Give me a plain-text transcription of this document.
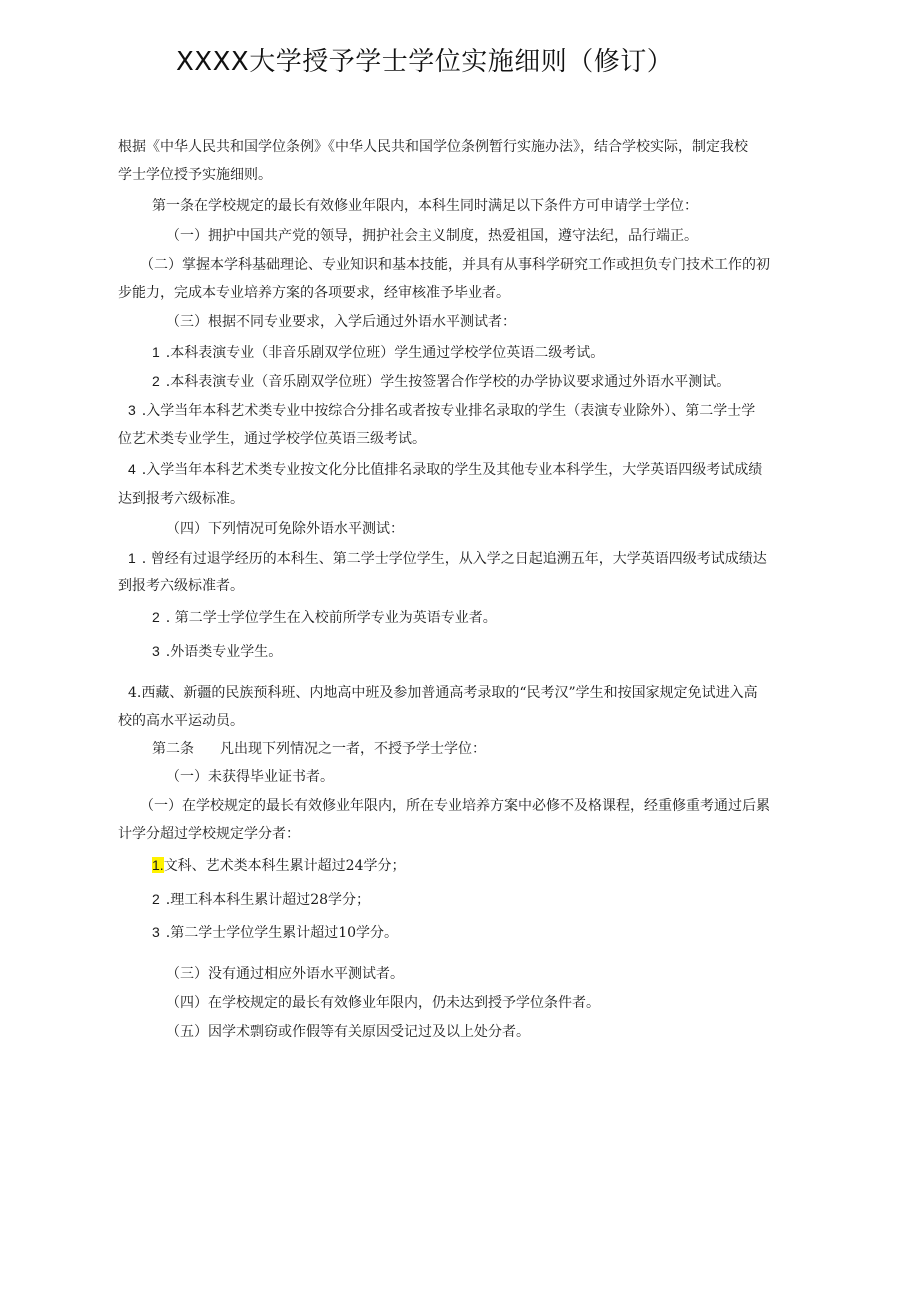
XXXX大学授予学士学位实施细则（修订）
根据《中华人民共和国学位条例》《中华人民共和国学位条例暂行实施办法》，结合学校实际，制定我校
学士学位授予实施细则。
第一条在学校规定的最长有效修业年限内，本科生同时满足以下条件方可申请学士学位：
（一）拥护中国共产党的领导，拥护社会主义制度，热爱祖国，遵守法纪，品行端正。
（二）掌握本学科基础理论、专业知识和基本技能，并具有从事科学研究工作或担负专门技术工作的初
步能力，完成本专业培养方案的各项要求，经审核准予毕业者。
（三）根据不同专业要求，入学后通过外语水平测试者：
1 .本科表演专业（非音乐剧双学位班）学生通过学校学位英语二级考试。
2 .本科表演专业（音乐剧双学位班）学生按签署合作学校的办学协议要求通过外语水平测试。
3 .入学当年本科艺术类专业中按综合分排名或者按专业排名录取的学生（表演专业除外）、第二学士学
位艺术类专业学生，通过学校学位英语三级考试。
4 .入学当年本科艺术类专业按文化分比值排名录取的学生及其他专业本科学生，大学英语四级考试成绩
达到报考六级标准。
（四）下列情况可免除外语水平测试：
1 . 曾经有过退学经历的本科生、第二学士学位学生，从入学之日起追溯五年，大学英语四级考试成绩达
到报考六级标准者。
2 . 第二学士学位学生在入校前所学专业为英语专业者。
3 .外语类专业学生。
4.西藏、新疆的民族预科班、内地高中班及参加普通高考录取的“民考汉”学生和按国家规定免试进入高
校的高水平运动员。
第二条 凡出现下列情况之一者，不授予学士学位：
（一）未获得毕业证书者。
（一）在学校规定的最长有效修业年限内，所在专业培养方案中必修不及格课程，经重修重考通过后累
计学分超过学校规定学分者：
1.文科、艺术类本科生累计超过24学分；
2 .理工科本科生累计超过28学分；
3 .第二学士学位学生累计超过10学分。
（三）没有通过相应外语水平测试者。
（四）在学校规定的最长有效修业年限内，仍未达到授予学位条件者。
（五）因学术剽窃或作假等有关原因受记过及以上处分者。
